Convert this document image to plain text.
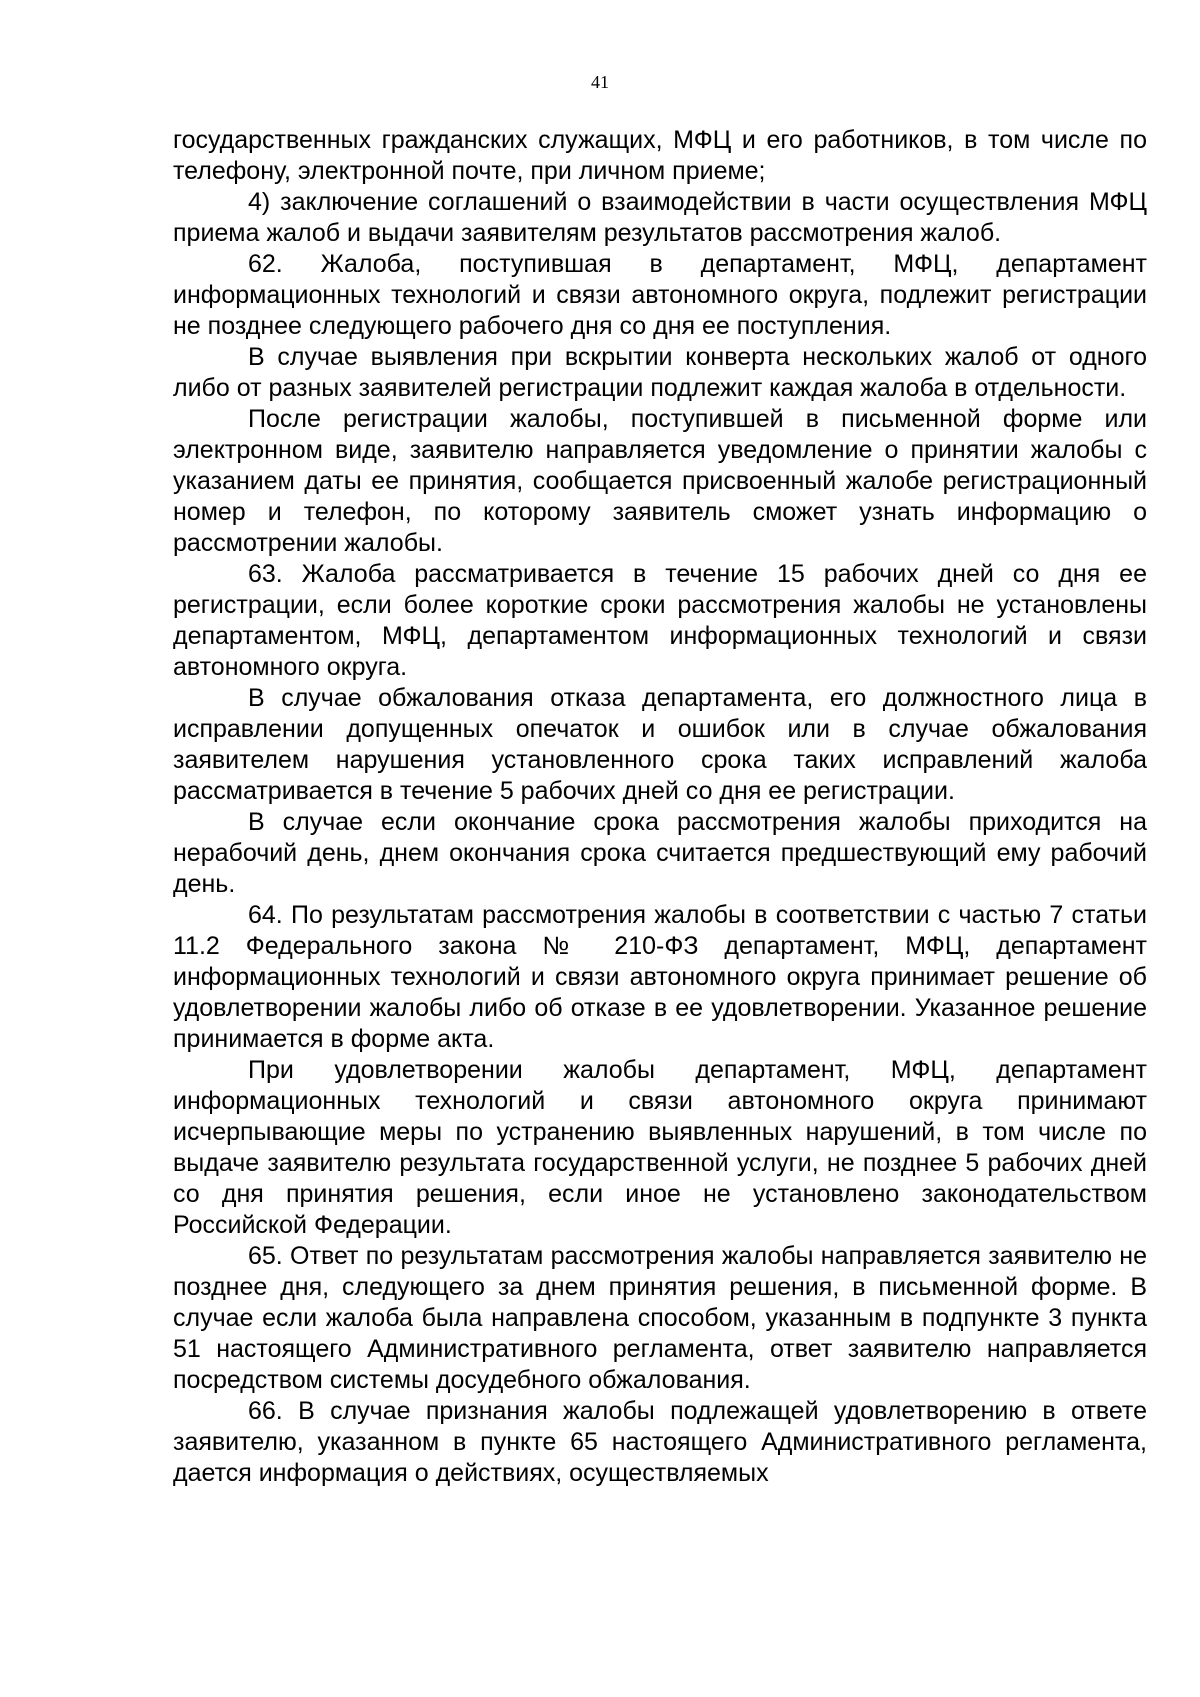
41

государственных гражданских служащих, МФЦ и его работников, в том числе по телефону, электронной почте, при личном приеме;

4) заключение соглашений о взаимодействии в части осуществления МФЦ приема жалоб и выдачи заявителям результатов рассмотрения жалоб.

62. Жалоба, поступившая в департамент, МФЦ, департамент информационных технологий и связи автономного округа, подлежит регистрации не позднее следующего рабочего дня со дня ее поступления.

В случае выявления при вскрытии конверта нескольких жалоб от одного либо от разных заявителей регистрации подлежит каждая жалоба в отдельности.

После регистрации жалобы, поступившей в письменной форме или электронном виде, заявителю направляется уведомление о принятии жалобы с указанием даты ее принятия, сообщается присвоенный жалобе регистрационный номер и телефон, по которому заявитель сможет узнать информацию о рассмотрении жалобы.

63. Жалоба рассматривается в течение 15 рабочих дней со дня ее регистрации, если более короткие сроки рассмотрения жалобы не установлены департаментом, МФЦ, департаментом информационных технологий и связи автономного округа.

В случае обжалования отказа департамента, его должностного лица в исправлении допущенных опечаток и ошибок или в случае обжалования заявителем нарушения установленного срока таких исправлений жалоба рассматривается в течение 5 рабочих дней со дня ее регистрации.

В случае если окончание срока рассмотрения жалобы приходится на нерабочий день, днем окончания срока считается предшествующий ему рабочий день.

64. По результатам рассмотрения жалобы в соответствии с частью 7 статьи 11.2 Федерального закона № 210-ФЗ департамент, МФЦ, департамент информационных технологий и связи автономного округа принимает решение об удовлетворении жалобы либо об отказе в ее удовлетворении. Указанное решение принимается в форме акта.

При удовлетворении жалобы департамент, МФЦ, департамент информационных технологий и связи автономного округа принимают исчерпывающие меры по устранению выявленных нарушений, в том числе по выдаче заявителю результата государственной услуги, не позднее 5 рабочих дней со дня принятия решения, если иное не установлено законодательством Российской Федерации.

65. Ответ по результатам рассмотрения жалобы направляется заявителю не позднее дня, следующего за днем принятия решения, в письменной форме. В случае если жалоба была направлена способом, указанным в подпункте 3 пункта 51 настоящего Административного регламента, ответ заявителю направляется посредством системы досудебного обжалования.

66. В случае признания жалобы подлежащей удовлетворению в ответе заявителю, указанном в пункте 65 настоящего Административного регламента, дается информация о действиях, осуществляемых
